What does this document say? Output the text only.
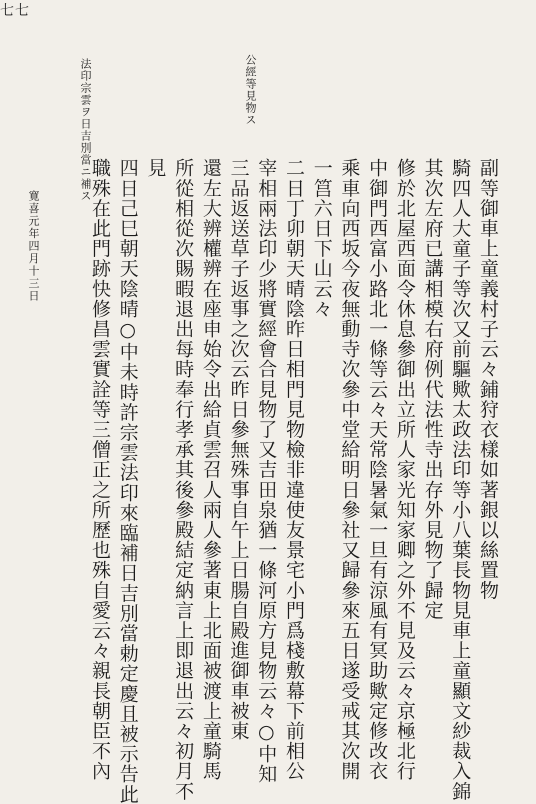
公經等見物ス
法印宗雲ヲ日吉別當ニ補ス
副等御車上童義村子云々鋪狩衣樣如著銀以絲置物
騎四人大童子等次又前驅歟太政法印等小八葉長物見車上童顯文紗裁入錦
其次左府已講相模右府例代法性寺出存外見物了歸定
修於北屋西面令休息參御出立所人家光知家卿之外不見及云々京極北行
中御門西富小路北一條等云々天常陰暑氣一旦有涼風有冥助歟定修改衣
乘車向西坂今夜無動寺次參中堂給明日參社又歸參來五日遂受戒其次開
一筥六日下山云々
二日丁卯朝天晴陰昨日相門見物檢非違使友景宅小門爲棧敷幕下前相公
宰相兩法印少將實經會合見物了又吉田泉猶一條河原方見物云々○中知
三品返送草子返事之次云昨日參無殊事自午上日腸自殿進御車被東
還左大辨權辨在座申始令出給貞雲召人兩人參著東上北面被渡上童騎馬
所從相從次賜暇退出每時奉行孝承其後參殿結定納言上即退出云々初月不
見
四日己巳朝天陰晴○中未時許宗雲法印來臨補日吉別當勅定慶且被示告此
職殊在此門跡快修昌雲實詮等三僧正之所歷也殊自愛云々親長朝臣不內
寛喜元年四月十三日
七七
